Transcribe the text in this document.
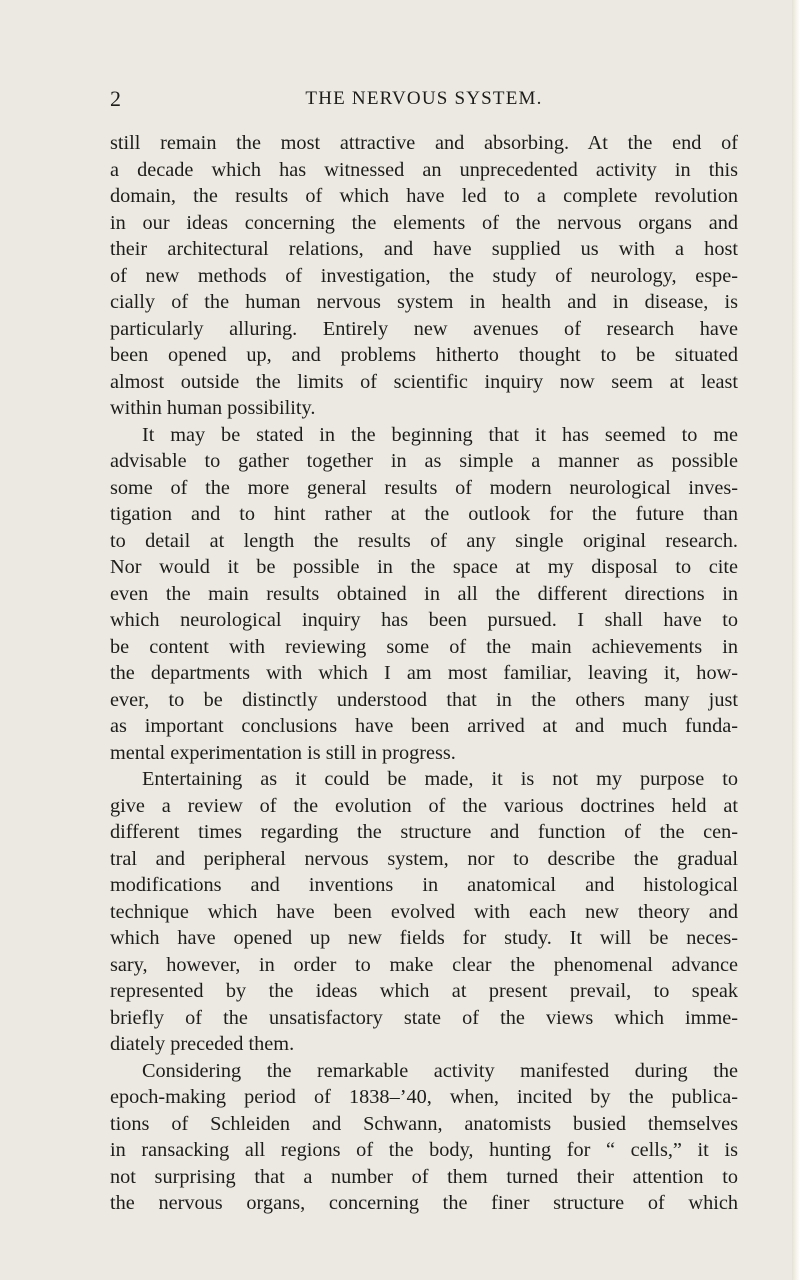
2	THE NERVOUS SYSTEM.
still remain the most attractive and absorbing. At the end of
a decade which has witnessed an unprecedented activity in this
domain, the results of which have led to a complete revolution
in our ideas concerning the elements of the nervous organs and
their architectural relations, and have supplied us with a host
of new methods of investigation, the study of neurology, espe-
cially of the human nervous system in health and in disease, is
particularly alluring. Entirely new avenues of research have
been opened up, and problems hitherto thought to be situated
almost outside the limits of scientific inquiry now seem at least
within human possibility.
It may be stated in the beginning that it has seemed to me
advisable to gather together in as simple a manner as possible
some of the more general results of modern neurological inves-
tigation and to hint rather at the outlook for the future than
to detail at length the results of any single original research.
Nor would it be possible in the space at my disposal to cite
even the main results obtained in all the different directions in
which neurological inquiry has been pursued. I shall have to
be content with reviewing some of the main achievements in
the departments with which I am most familiar, leaving it, how-
ever, to be distinctly understood that in the others many just
as important conclusions have been arrived at and much funda-
mental experimentation is still in progress.
Entertaining as it could be made, it is not my purpose to
give a review of the evolution of the various doctrines held at
different times regarding the structure and function of the cen-
tral and peripheral nervous system, nor to describe the gradual
modifications and inventions in anatomical and histological
technique which have been evolved with each new theory and
which have opened up new fields for study. It will be neces-
sary, however, in order to make clear the phenomenal advance
represented by the ideas which at present prevail, to speak
briefly of the unsatisfactory state of the views which imme-
diately preceded them.
Considering the remarkable activity manifested during the
epoch-making period of 1838–’40, when, incited by the publica-
tions of Schleiden and Schwann, anatomists busied themselves
in ransacking all regions of the body, hunting for “ cells,” it is
not surprising that a number of them turned their attention to
the nervous organs, concerning the finer structure of which
